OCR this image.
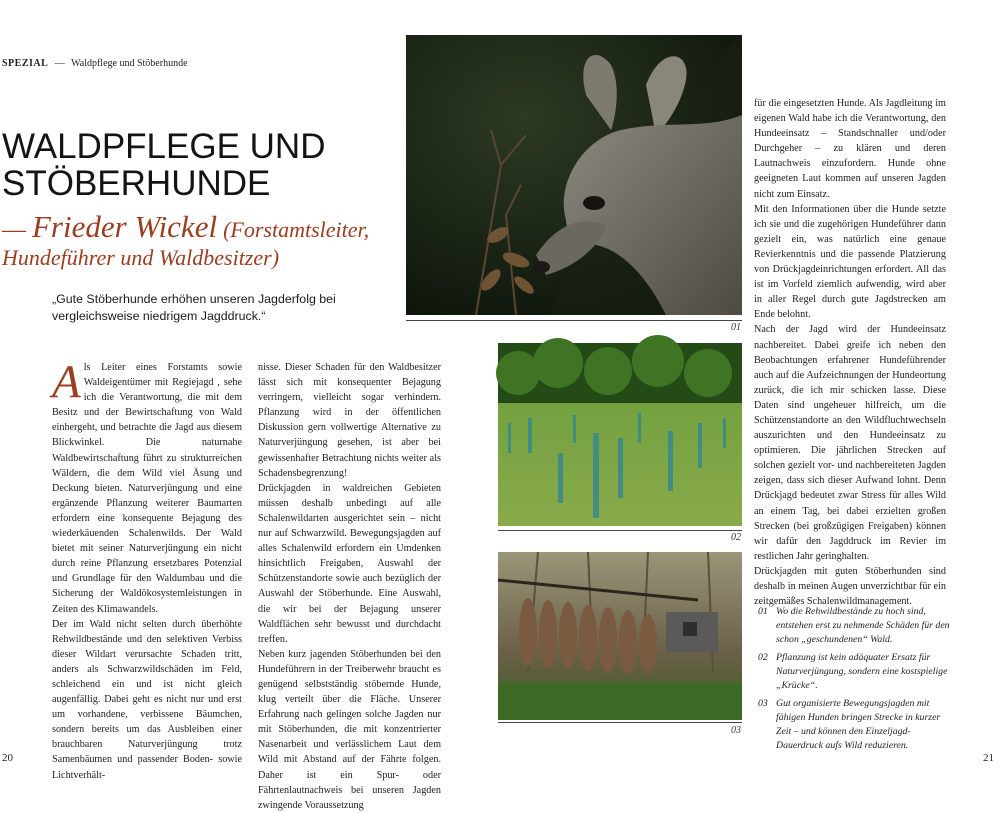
SPEZIAL — Waldpflege und Stöberhunde
WALDPFLEGE UND
STÖBERHUNDE
— Frieder Wickel (Forstamtsleiter,
Hundeführer und Waldbesitzer)
„Gute Stöberhunde erhöhen unseren Jagderfolg bei vergleichsweise niedrigem Jagddruck.“

Als Leiter eines Forstamts sowie Waldeigentümer mit Regiejagd , sehe ich die Verantwortung, die mit dem Besitz und der Bewirtschaftung von Wald einhergeht, und betrachte die Jagd aus diesem Blickwinkel. Die naturnahe Waldbewirtschaftung führt zu strukturreichen Wäldern, die dem Wild viel Äsung und Deckung bieten. Naturverjüngung und eine ergänzende Pflanzung weiterer Baumarten erfordern eine konsequente Bejagung des wiederkäuenden Schalenwilds. Der Wald bietet mit seiner Naturverjüngung ein nicht durch reine Pflanzung ersetzbares Potenzial und Grundlage für den Waldumbau und die Sicherung der Waldökosystemleistungen in Zeiten des Klimawandels.

Der im Wald nicht selten durch überhöhte Rehwildbestände und den selektiven Verbiss dieser Wildart verursachte Schaden tritt, anders als Schwarzwildschäden im Feld, schleichend ein und ist nicht gleich augenfällig. Dabei geht es nicht nur und erst um vorhandene, verbissene Bäumchen, sondern bereits um das Ausbleiben einer brauchbaren Naturverjüngung trotz Samenbäumen und passender Boden- sowie Lichtverhält-

nisse. Dieser Schaden für den Waldbesitzer lässt sich mit konsequenter Bejagung verringern, vielleicht sogar verhindern. Pflanzung wird in der öffentlichen Diskussion gern vollwertige Alternative zu Naturverjüngung gesehen, ist aber bei gewissenhafter Betrachtung nichts weiter als Schadensbegrenzung!

Drückjagden in waldreichen Gebieten müssen deshalb unbedingt auf alle Schalenwildarten ausgerichtet sein – nicht nur auf Schwarzwild. Bewegungsjagden auf alles Schalenwild erfordern ein Umdenken hinsichtlich Freigaben, Auswahl der Schützenstandorte sowie auch bezüglich der Auswahl der Stöberhunde. Eine Auswahl, die wir bei der Bejagung unserer Waldflächen sehr bewusst und durchdacht treffen.

Neben kurz jagenden Stöberhunden bei den Hundeführern in der Treiberwehr braucht es genügend selbstständig stöbernde Hunde, klug verteilt über die Fläche. Unserer Erfahrung nach gelingen solche Jagden nur mit Stöberhunden, die mit konzentrierter Nasenarbeit und verlässlichem Laut dem Wild mit Abstand auf der Fährte folgen. Daher ist ein Spur- oder Fährtenlautnachweis bei unseren Jagden zwingende Voraussetzung

für die eingesetzten Hunde. Als Jagdleitung im eigenen Wald habe ich die Verantwortung, den Hundeeinsatz – Standschnaller und/oder Durchgeher – zu klären und deren Lautnachweis einzufordern. Hunde ohne geeigneten Laut kommen auf unseren Jagden nicht zum Einsatz.

Mit den Informationen über die Hunde setzte ich sie und die zugehörigen Hundeführer dann gezielt ein, was natürlich eine genaue Revierkenntnis und die passende Platzierung von Drückjagdeinrichtungen erfordert. All das ist im Vorfeld ziemlich aufwendig, wird aber in aller Regel durch gute Jagdstrecken am Ende belohnt.

Nach der Jagd wird der Hundeeinsatz nachbereitet. Dabei greife ich neben den Beobachtungen erfahrener Hundeführender auch auf die Aufzeichnungen der Hundeortung zurück, die ich mir schicken lasse. Diese Daten sind ungeheuer hilfreich, um die Schützenstandorte an den Wildfluchtwechseln auszurichten und den Hundeeinsatz zu optimieren. Die jährlichen Strecken auf solchen gezielt vor- und nachbereiteten Jagden zeigen, dass sich dieser Aufwand lohnt. Denn Drückjagd bedeutet zwar Stress für alles Wild an einem Tag, bei dabei erzielten großen Strecken (bei großzügigen Freigaben) können wir dafür den Jagddruck im Revier im restlichen Jahr geringhalten.

Drückjagden mit guten Stöberhunden sind deshalb in meinen Augen unverzichtbar für ein zeitgemäßes Schalenwildmanagement.

01
02
03
01 Wo die Rehwildbestände zu hoch sind, entstehen erst zu nehmende Schäden für den schon „geschundenen“ Wald.
02 Pflanzung ist kein adäquater Ersatz für Naturverjüngung, sondern eine kostspielige „Krücke“.
03 Gut organisierte Bewegungsjagden mit fähigen Hunden bringen Strecke in kurzer Zeit – und können den Einzeljagd-Dauerdruck aufs Wild reduzieren.
20	21
